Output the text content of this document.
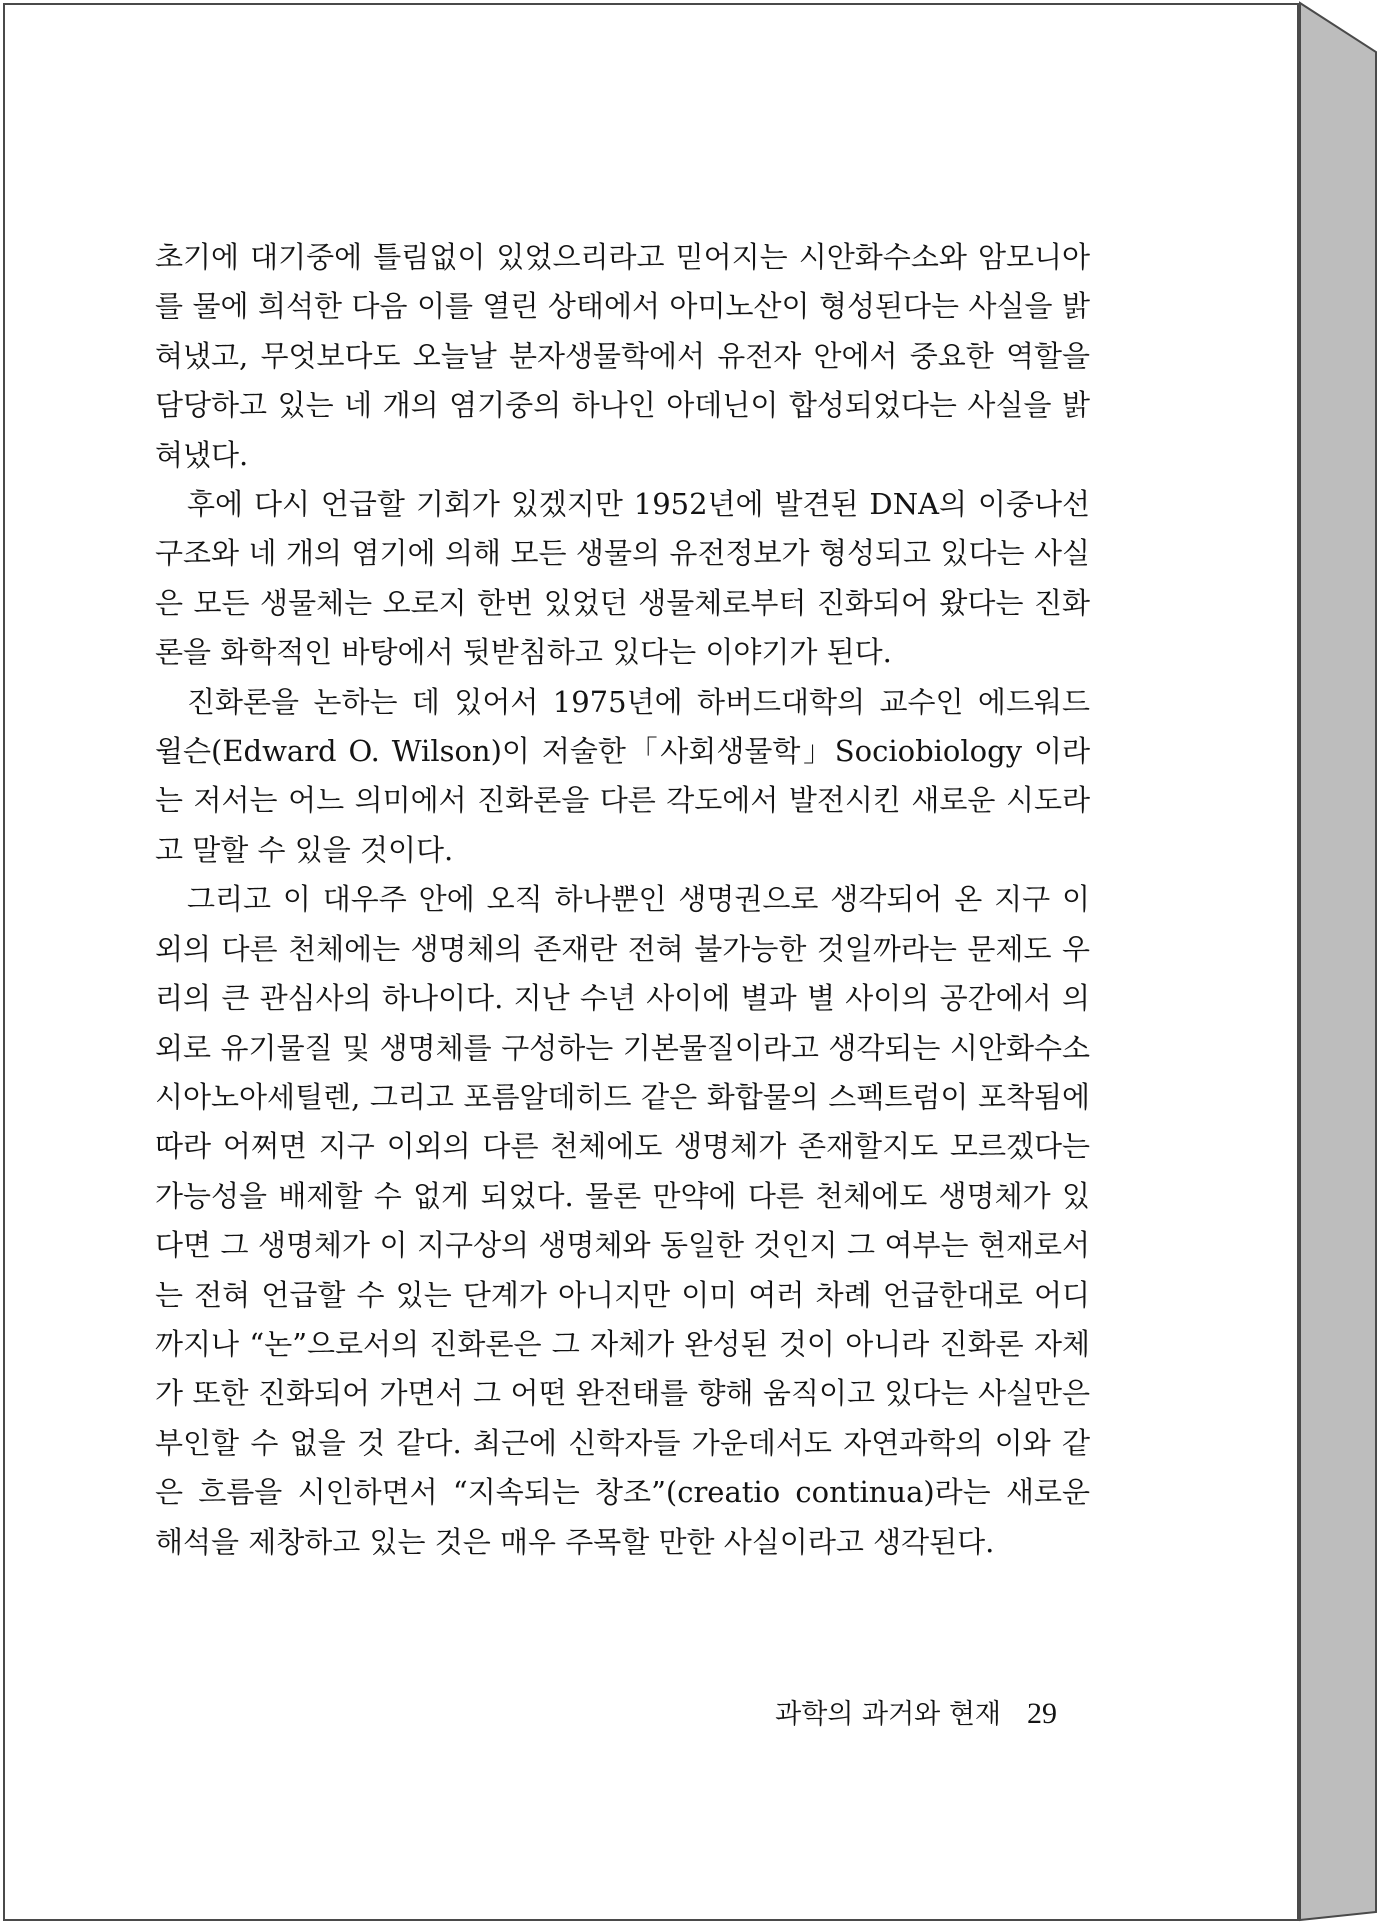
초기에 대기중에 틀림없이 있었으리라고 믿어지는 시안화수소와 암모니아를 물에 희석한 다음 이를 열린 상태에서 아미노산이 형성된다는 사실을 밝혀냈고, 무엇보다도 오늘날 분자생물학에서 유전자 안에서 중요한 역할을 담당하고 있는 네 개의 염기중의 하나인 아데닌이 합성되었다는 사실을 밝혀냈다.

후에 다시 언급할 기회가 있겠지만 1952년에 발견된 DNA의 이중나선 구조와 네 개의 염기에 의해 모든 생물의 유전정보가 형성되고 있다는 사실은 모든 생물체는 오로지 한번 있었던 생물체로부터 진화되어 왔다는 진화론을 화학적인 바탕에서 뒷받침하고 있다는 이야기가 된다.

진화론을 논하는 데 있어서 1975년에 하버드대학의 교수인 에드워드 윌슨(Edward O. Wilson)이 저술한「사회생물학」Sociobiology 이라는 저서는 어느 의미에서 진화론을 다른 각도에서 발전시킨 새로운 시도라고 말할 수 있을 것이다.

그리고 이 대우주 안에 오직 하나뿐인 생명권으로 생각되어 온 지구 이외의 다른 천체에는 생명체의 존재란 전혀 불가능한 것일까라는 문제도 우리의 큰 관심사의 하나이다. 지난 수년 사이에 별과 별 사이의 공간에서 의외로 유기물질 및 생명체를 구성하는 기본물질이라고 생각되는 시안화수소 시아노아세틸렌, 그리고 포름알데히드 같은 화합물의 스펙트럼이 포착됨에 따라 어쩌면 지구 이외의 다른 천체에도 생명체가 존재할지도 모르겠다는 가능성을 배제할 수 없게 되었다. 물론 만약에 다른 천체에도 생명체가 있다면 그 생명체가 이 지구상의 생명체와 동일한 것인지 그 여부는 현재로서는 전혀 언급할 수 있는 단계가 아니지만 이미 여러 차례 언급한대로 어디까지나 “논”으로서의 진화론은 그 자체가 완성된 것이 아니라 진화론 자체가 또한 진화되어 가면서 그 어떤 완전태를 향해 움직이고 있다는 사실만은 부인할 수 없을 것 같다. 최근에 신학자들 가운데서도 자연과학의 이와 같은 흐름을 시인하면서 “지속되는 창조”(creatio continua)라는 새로운 해석을 제창하고 있는 것은 매우 주목할 만한 사실이라고 생각된다.

과학의 과거와 현재 29
